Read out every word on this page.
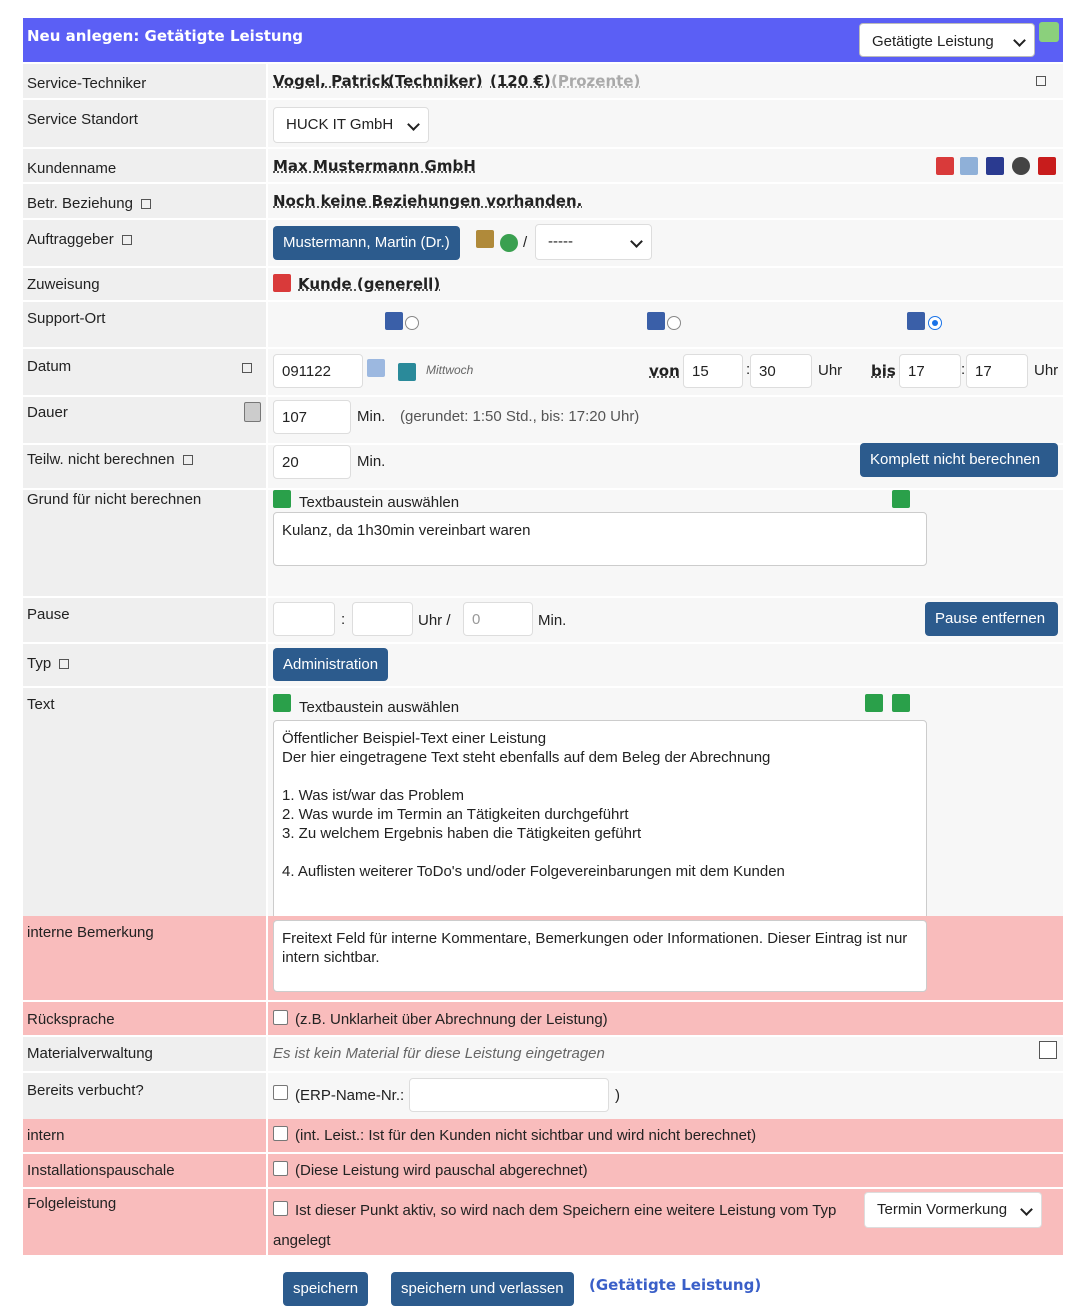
Neu anlegen: Getätigte Leistung	Getätigte Leistung
Service-Techniker	Vogel, Patrick
(Techniker) (120 €) (Prozente)
Service Standort	HUCK IT GmbH
Kundenname	Max Mustermann GmbH
Betr. Beziehung	Noch keine Beziehungen vorhanden.
Auftraggeber	Mustermann, Martin (Dr.)	/	-----
Zuweisung	Kunde (generell)
Support-Ort
Datum	091122	Mittwoch	von 15	: 30	Uhr bis 17	: 17	Uhr
Dauer	107	Min. (gerundet: 1:50 Std., bis: 17:20 Uhr)
Teilw. nicht berechnen	20	Min.	Komplett nicht berechnen
Grund für nicht berechnen	Textbaustein auswählen
Kulanz, da 1h30min vereinbart waren
Pause	:	Uhr /	0	Min.	Pause entfernen
Typ	Administration
Text	Textbaustein auswählen
Öffentlicher Beispiel-Text einer Leistung
Der hier eingetragene Text steht ebenfalls auf dem Beleg der Abrechnung

1. Was ist/war das Problem
2. Was wurde im Termin an Tätigkeiten durchgeführt
3. Zu welchem Ergebnis haben die Tätigkeiten geführt

4. Auflisten weiterer ToDo's und/oder Folgevereinbarungen mit dem Kunden
interne Bemerkung	Freitext Feld für interne Kommentare, Bemerkungen oder Informationen. Dieser Eintrag ist nur intern sichtbar.
Rücksprache	(z.B. Unklarheit über Abrechnung der Leistung)
Materialverwaltung	Es ist kein Material für diese Leistung eingetragen
Bereits verbucht?	(ERP-Name-Nr.:	)
intern	(int. Leist.: Ist für den Kunden nicht sichtbar und wird nicht berechnet)
Installationspauschale	(Diese Leistung wird pauschal abgerechnet)
Folgeleistung	Ist dieser Punkt aktiv, so wird nach dem Speichern eine weitere Leistung vom Typ	Termin Vormerkung
angelegt
speichern	speichern und verlassen	(Getätigte Leistung)
